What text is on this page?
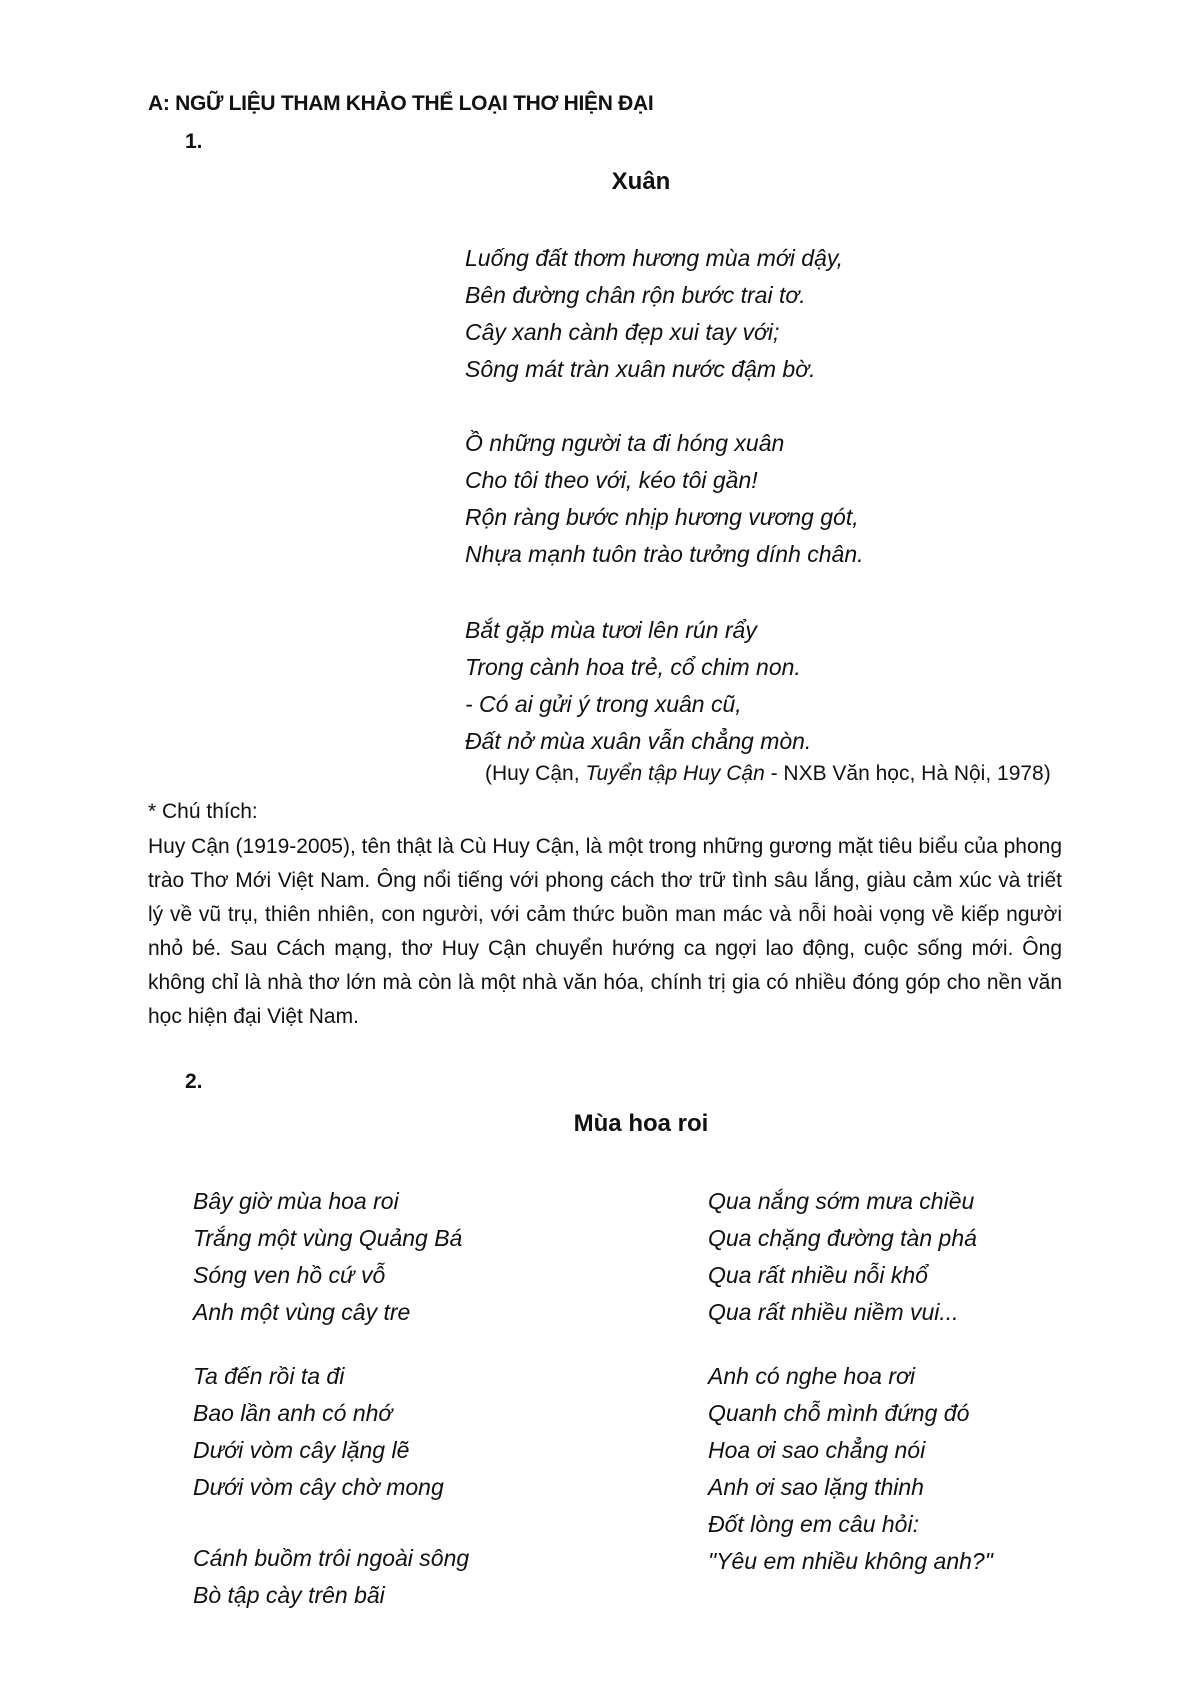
A: NGỮ LIỆU THAM KHẢO THỂ LOẠI THƠ HIỆN ĐẠI
1.
Xuân
Luống đất thơm hương mùa mới dậy,
Bên đường chân rộn bước trai tơ.
Cây xanh cành đẹp xui tay với;
Sông mát tràn xuân nước đậm bờ.
Ồ những người ta đi hóng xuân
Cho tôi theo với, kéo tôi gần!
Rộn ràng bước nhịp hương vương gót,
Nhựa mạnh tuôn trào tưởng dính chân.
Bắt gặp mùa tươi lên rún rẩy
Trong cành hoa trẻ, cổ chim non.
- Có ai gửi ý trong xuân cũ,
Đất nở mùa xuân vẫn chẳng mòn.
(Huy Cận, Tuyển tập Huy Cận - NXB Văn học, Hà Nội, 1978)
* Chú thích:
Huy Cận (1919-2005), tên thật là Cù Huy Cận, là một trong những gương mặt tiêu biểu của phong trào Thơ Mới Việt Nam. Ông nổi tiếng với phong cách thơ trữ tình sâu lắng, giàu cảm xúc và triết lý về vũ trụ, thiên nhiên, con người, với cảm thức buồn man mác và nỗi hoài vọng về kiếp người nhỏ bé. Sau Cách mạng, thơ Huy Cận chuyển hướng ca ngợi lao động, cuộc sống mới. Ông không chỉ là nhà thơ lớn mà còn là một nhà văn hóa, chính trị gia có nhiều đóng góp cho nền văn học hiện đại Việt Nam.
2.
Mùa hoa roi
Bây giờ mùa hoa roi
Trắng một vùng Quảng Bá
Sóng ven hồ cứ vỗ
Anh một vùng cây tre
Ta đến rồi ta đi
Bao lần anh có nhớ
Dưới vòm cây lặng lẽ
Dưới vòm cây chờ mong
Cánh buồm trôi ngoài sông
Bò tập cày trên bãi
Qua nắng sớm mưa chiều
Qua chặng đường tàn phá
Qua rất nhiều nỗi khổ
Qua rất nhiều niềm vui...
Anh có nghe hoa rơi
Quanh chỗ mình đứng đó
Hoa ơi sao chẳng nói
Anh ơi sao lặng thinh
Đốt lòng em câu hỏi:
"Yêu em nhiều không anh?"
